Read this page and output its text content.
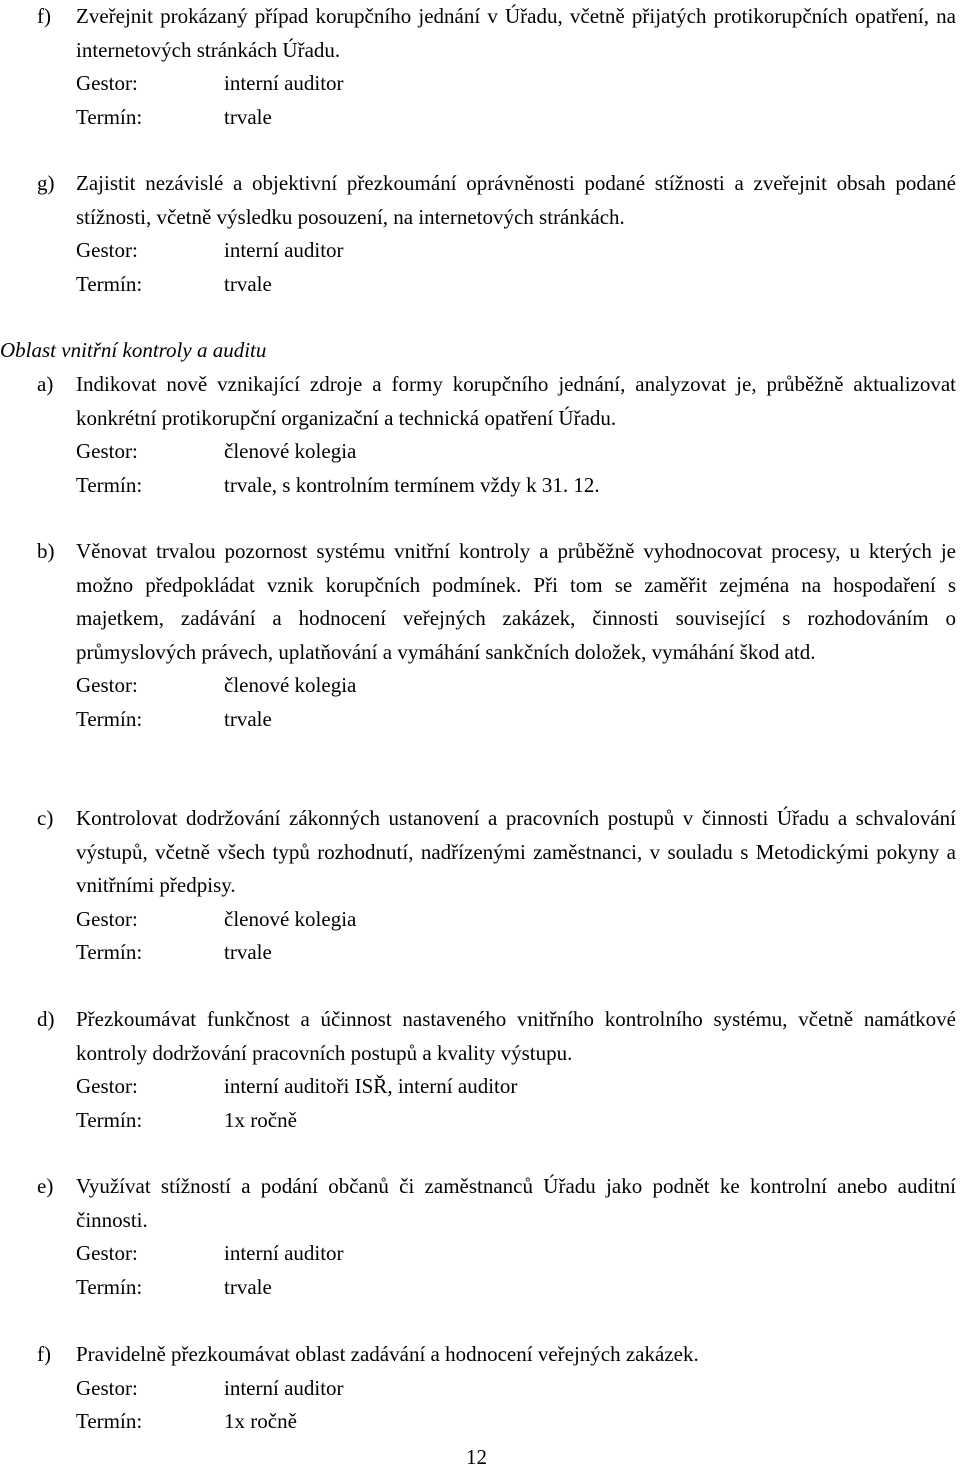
f) Zveřejnit prokázaný případ korupčního jednání v Úřadu, včetně přijatých protikorupčních opatření, na internetových stránkách Úřadu.
Gestor:	interní auditor
Termín:	trvale
g) Zajistit nezávislé a objektivní přezkoumání oprávněnosti podané stížnosti a zveřejnit obsah podané stížnosti, včetně výsledku posouzení, na internetových stránkách.
Gestor:	interní auditor
Termín:	trvale
Oblast vnitřní kontroly a auditu
a) Indikovat nově vznikající zdroje a formy korupčního jednání, analyzovat je, průběžně aktualizovat konkrétní protikorupční organizační a technická opatření Úřadu.
Gestor:	členové kolegia
Termín:	trvale, s kontrolním termínem vždy k 31. 12.
b) Věnovat trvalou pozornost systému vnitřní kontroly a průběžně vyhodnocovat procesy, u kterých je možno předpokládat vznik korupčních podmínek. Při tom se zaměřit zejména na hospodaření s majetkem, zadávání a hodnocení veřejných zakázek, činnosti související s rozhodováním o průmyslových právech, uplatňování a vymáhání sankčních doložek, vymáhání škod atd.
Gestor:	členové kolegia
Termín:	trvale
c) Kontrolovat dodržování zákonných ustanovení a pracovních postupů v činnosti Úřadu a schvalování výstupů, včetně všech typů rozhodnutí, nadřízenými zaměstnanci, v souladu s Metodickými pokyny a vnitřními předpisy.
Gestor:	členové kolegia
Termín:	trvale
d) Přezkoumávat funkčnost a účinnost nastaveného vnitřního kontrolního systému, včetně namátkové kontroly dodržování pracovních postupů a kvality výstupu.
Gestor:	interní auditoři ISŘ, interní auditor
Termín:	1x ročně
e) Využívat stížností a podání občanů či zaměstnanců Úřadu jako podnět ke kontrolní anebo auditní činnosti.
Gestor:	interní auditor
Termín:	trvale
f) Pravidelně přezkoumávat oblast zadávání a hodnocení veřejných zakázek.
Gestor:	interní auditor
Termín:	1x ročně
12
